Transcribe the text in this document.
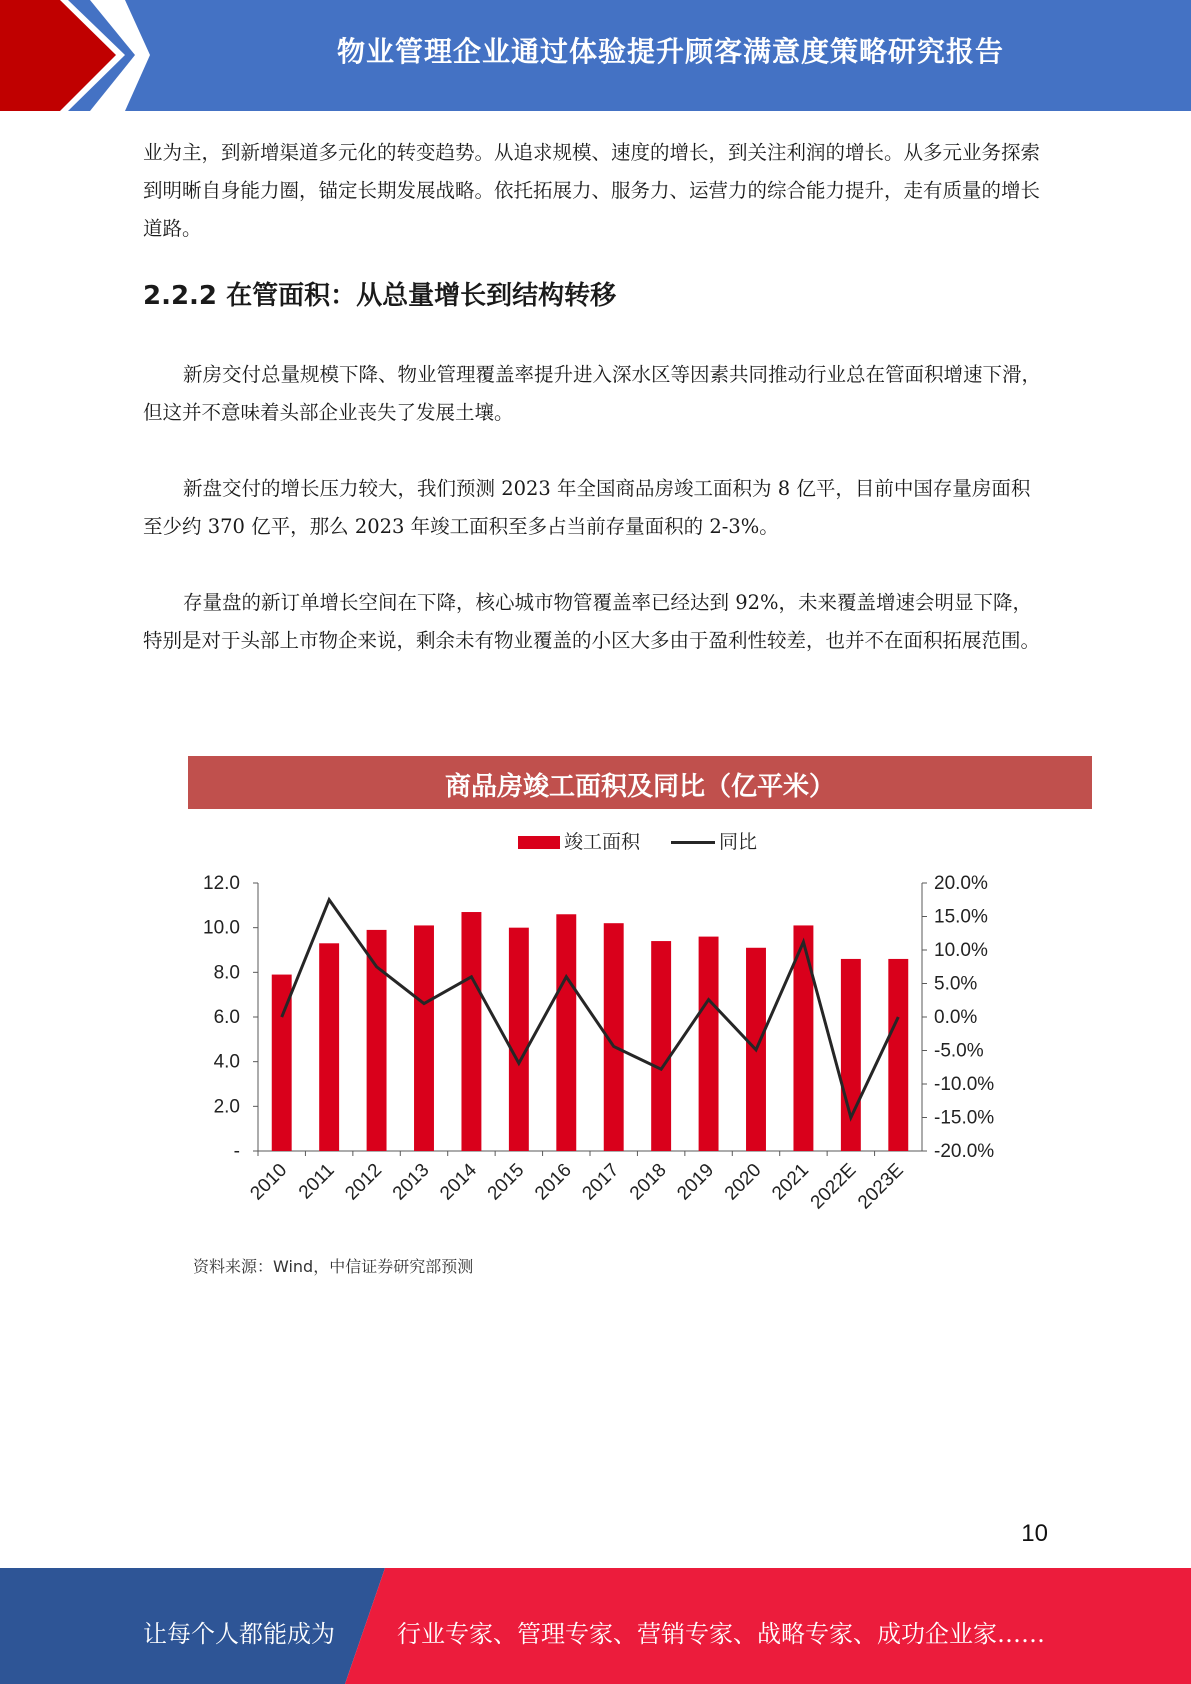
物业管理企业通过体验提升顾客满意度策略研究报告

业为主，到新增渠道多元化的转变趋势。从追求规模、速度的增长，到关注利润的增长。从多元业务探索到明晰自身能力圈，锚定长期发展战略。依托拓展力、服务力、运营力的综合能力提升，走有质量的增长道路。

2.2.2 在管面积：从总量增长到结构转移

新房交付总量规模下降、物业管理覆盖率提升进入深水区等因素共同推动行业总在管面积增速下滑，但这并不意味着头部企业丧失了发展土壤。

新盘交付的增长压力较大，我们预测 2023 年全国商品房竣工面积为 8 亿平，目前中国存量房面积至少约 370 亿平，那么 2023 年竣工面积至多占当前存量面积的 2-3%。

存量盘的新订单增长空间在下降，核心城市物管覆盖率已经达到 92%，未来覆盖增速会明显下降，特别是对于头部上市物企来说，剩余未有物业覆盖的小区大多由于盈利性较差，也并不在面积拓展范围。

商品房竣工面积及同比（亿平米）
竣工面积	同比
-
2.0
4.0
6.0
8.0
10.0
12.0
-20.0%
-15.0%
-10.0%
-5.0%
0.0%
5.0%
10.0%
15.0%
20.0%
2010 2011 2012 2013 2014 2015 2016 2017 2018 2019 2020 2021
2022E
2023E
资料来源：Wind，中信证券研究部预测
10
让每个人都能成为	行业专家、管理专家、营销专家、战略专家、成功企业家……
